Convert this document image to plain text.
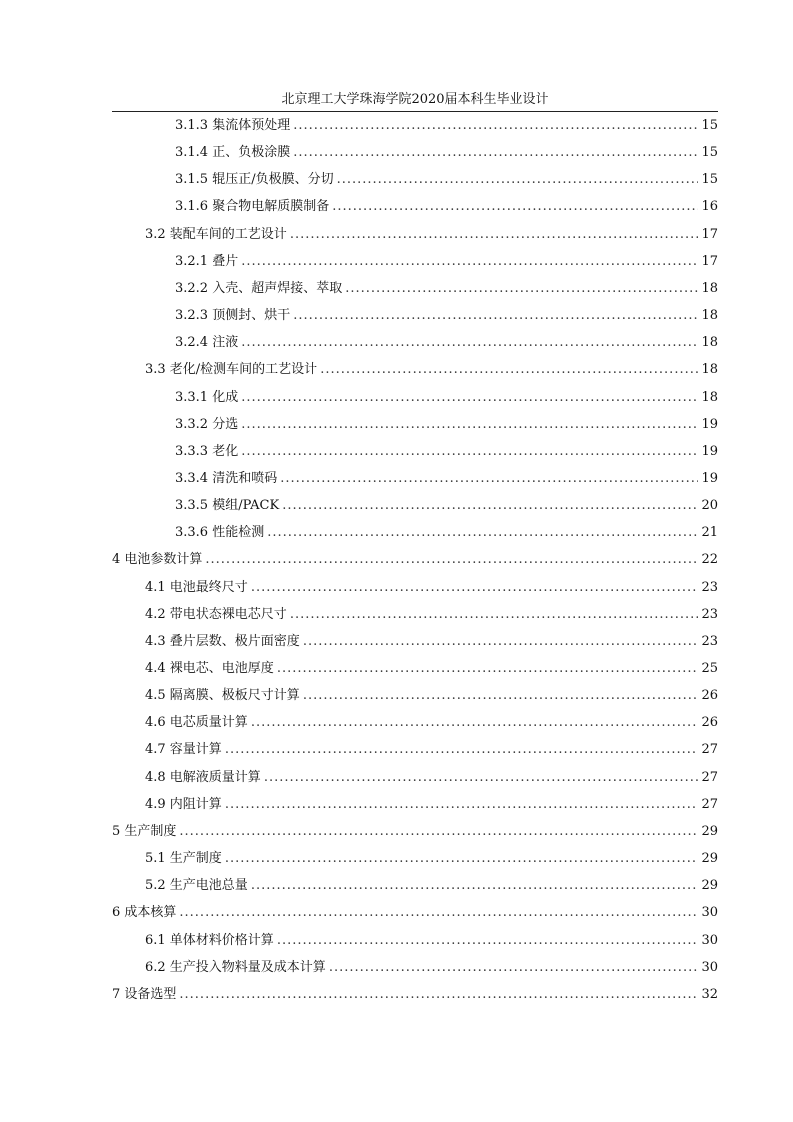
北京理工大学珠海学院2020届本科生毕业设计
3.1.3 集流体预处理 .....	15
3.1.4 正、负极涂膜 .....	15
3.1.5 辊压正/负极膜、分切 .....	15
3.1.6 聚合物电解质膜制备 .....	16
3.2 装配车间的工艺设计 .....	17
3.2.1 叠片 .....	17
3.2.2 入壳、超声焊接、萃取 .....	18
3.2.3 顶侧封、烘干 .....	18
3.2.4 注液 .....	18
3.3 老化/检测车间的工艺设计 .....	18
3.3.1 化成 .....	18
3.3.2 分选 .....	19
3.3.3 老化 .....	19
3.3.4 清洗和喷码 .....	19
3.3.5 模组/PACK .....	20
3.3.6 性能检测 .....	21
4 电池参数计算 .....	22
4.1 电池最终尺寸 .....	23
4.2 带电状态裸电芯尺寸 .....	23
4.3 叠片层数、极片面密度 .....	23
4.4 裸电芯、电池厚度 .....	25
4.5 隔离膜、极板尺寸计算 .....	26
4.6 电芯质量计算 .....	26
4.7 容量计算 .....	27
4.8 电解液质量计算 .....	27
4.9 内阻计算 .....	27
5 生产制度 .....	29
5.1 生产制度 .....	29
5.2 生产电池总量 .....	29
6 成本核算 .....	30
6.1 单体材料价格计算 .....	30
6.2 生产投入物料量及成本计算 .....	30
7 设备选型 .....	32
